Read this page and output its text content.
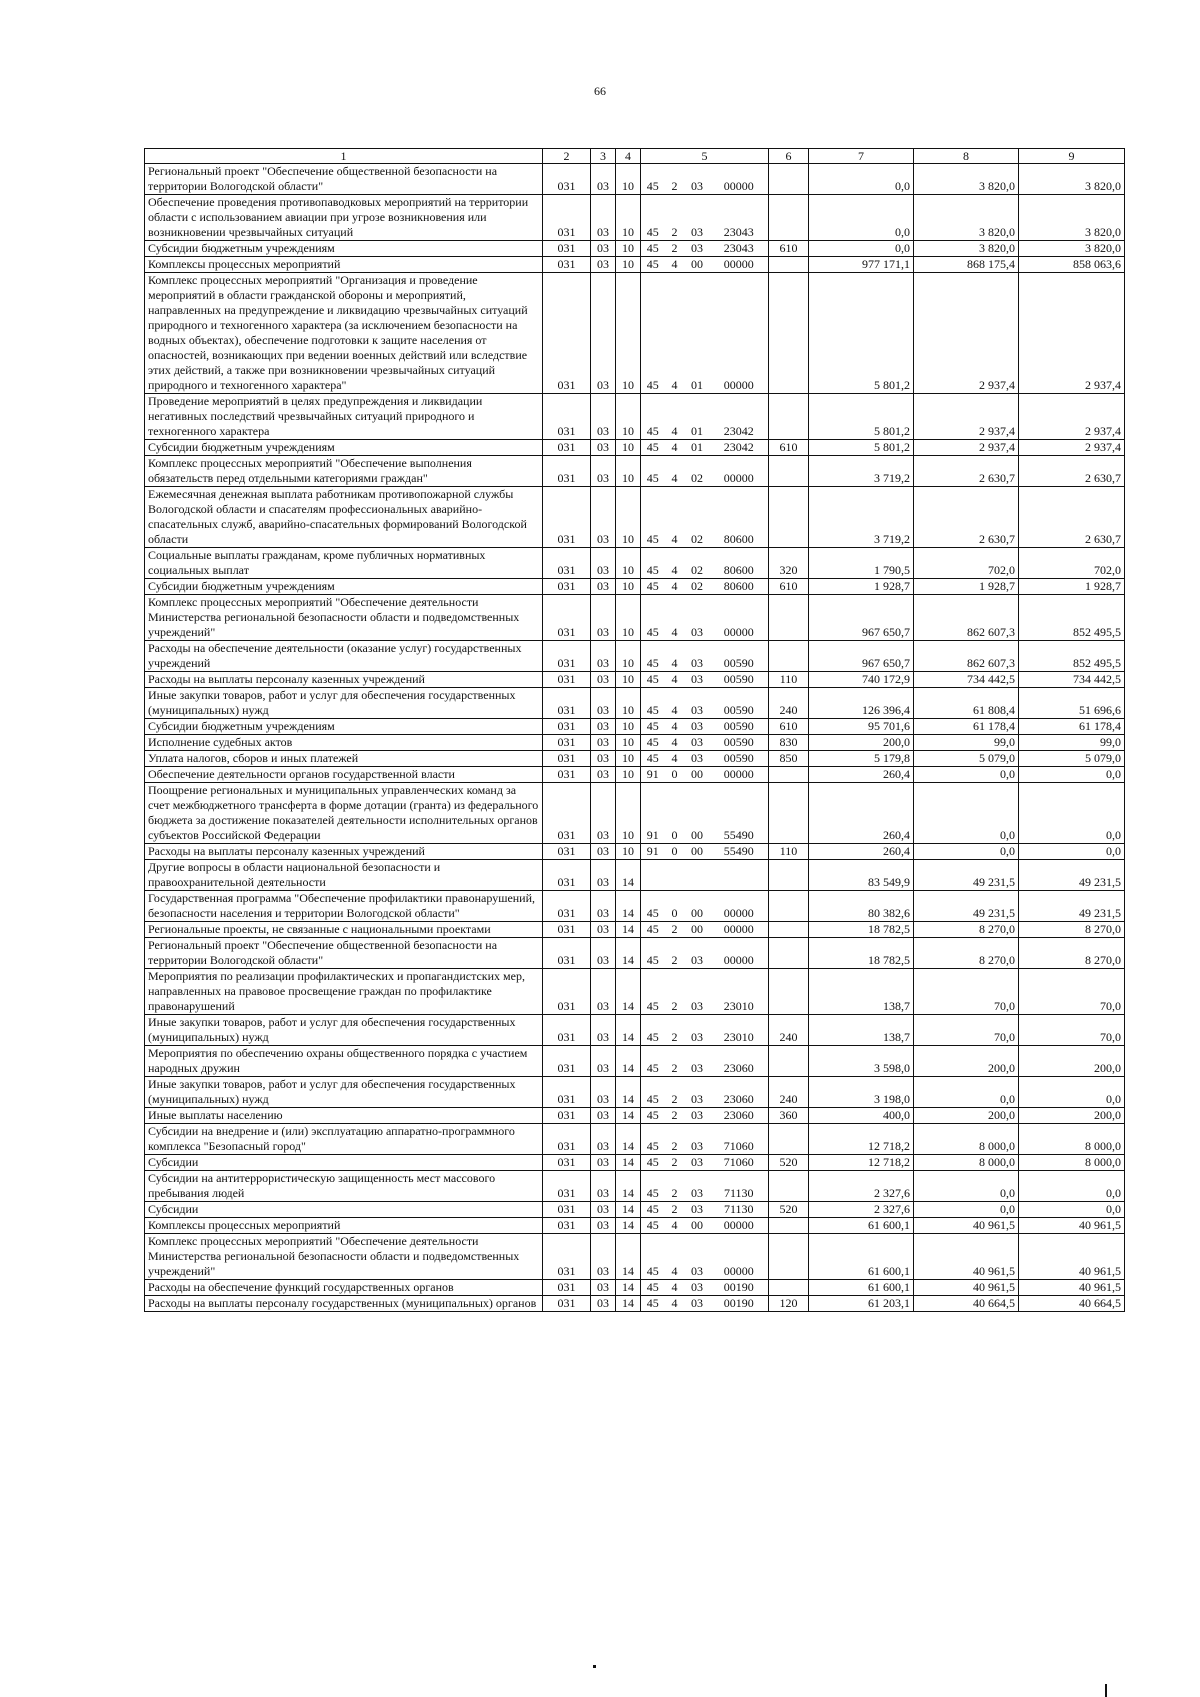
66
1	2	3	4	5				6	7	8	9
Региональный проект "Обеспечение общественной безопасности на территории Вологодской области"	031	03	10	45	2	03	00000		0,0	3 820,0	3 820,0
Обеспечение проведения противопаводковых мероприятий на территории области с использованием авиации при угрозе возникновения или возникновении чрезвычайных ситуаций	031	03	10	45	2	03	23043		0,0	3 820,0	3 820,0
Субсидии бюджетным учреждениям	031	03	10	45	2	03	23043	610	0,0	3 820,0	3 820,0
Комплексы процессных мероприятий	031	03	10	45	4	00	00000		977 171,1	868 175,4	858 063,6
Комплекс процессных мероприятий "Организация и проведение мероприятий в области гражданской обороны и мероприятий, направленных на предупреждение и ликвидацию чрезвычайных ситуаций природного и техногенного характера (за исключением безопасности на водных объектах), обеспечение подготовки к защите населения от опасностей, возникающих при ведении военных действий или вследствие этих действий, а также при возникновении чрезвычайных ситуаций природного и техногенного характера"	031	03	10	45	4	01	00000		5 801,2	2 937,4	2 937,4
Проведение мероприятий в целях предупреждения и ликвидации негативных последствий чрезвычайных ситуаций природного и техногенного характера	031	03	10	45	4	01	23042		5 801,2	2 937,4	2 937,4
Субсидии бюджетным учреждениям	031	03	10	45	4	01	23042	610	5 801,2	2 937,4	2 937,4
Комплекс процессных мероприятий "Обеспечение выполнения обязательств перед отдельными категориями граждан"	031	03	10	45	4	02	00000		3 719,2	2 630,7	2 630,7
Ежемесячная денежная выплата работникам противопожарной службы Вологодской области и спасателям профессиональных аварийно-спасательных служб, аварийно-спасательных формирований Вологодской области	031	03	10	45	4	02	80600		3 719,2	2 630,7	2 630,7
Социальные выплаты гражданам, кроме публичных нормативных социальных выплат	031	03	10	45	4	02	80600	320	1 790,5	702,0	702,0
Субсидии бюджетным учреждениям	031	03	10	45	4	02	80600	610	1 928,7	1 928,7	1 928,7
Комплекс процессных мероприятий "Обеспечение деятельности Министерства региональной безопасности области и подведомственных учреждений"	031	03	10	45	4	03	00000		967 650,7	862 607,3	852 495,5
Расходы на обеспечение деятельности (оказание услуг) государственных учреждений	031	03	10	45	4	03	00590		967 650,7	862 607,3	852 495,5
Расходы на выплаты персоналу казенных учреждений	031	03	10	45	4	03	00590	110	740 172,9	734 442,5	734 442,5
Иные закупки товаров, работ и услуг для обеспечения государственных (муниципальных) нужд	031	03	10	45	4	03	00590	240	126 396,4	61 808,4	51 696,6
Субсидии бюджетным учреждениям	031	03	10	45	4	03	00590	610	95 701,6	61 178,4	61 178,4
Исполнение судебных актов	031	03	10	45	4	03	00590	830	200,0	99,0	99,0
Уплата налогов, сборов и иных платежей	031	03	10	45	4	03	00590	850	5 179,8	5 079,0	5 079,0
Обеспечение деятельности органов государственной власти	031	03	10	91	0	00	00000		260,4	0,0	0,0
Поощрение региональных и муниципальных управленческих команд за счет межбюджетного трансферта в форме дотации (гранта) из федерального бюджета за достижение показателей деятельности исполнительных органов субъектов Российской Федерации	031	03	10	91	0	00	55490		260,4	0,0	0,0
Расходы на выплаты персоналу казенных учреждений	031	03	10	91	0	00	55490	110	260,4	0,0	0,0
Другие вопросы в области национальной безопасности и правоохранительной деятельности	031	03	14						83 549,9	49 231,5	49 231,5
Государственная программа "Обеспечение профилактики правонарушений, безопасности населения и территории Вологодской области"	031	03	14	45	0	00	00000		80 382,6	49 231,5	49 231,5
Региональные проекты, не связанные с национальными проектами	031	03	14	45	2	00	00000		18 782,5	8 270,0	8 270,0
Региональный проект "Обеспечение общественной безопасности на территории Вологодской области"	031	03	14	45	2	03	00000		18 782,5	8 270,0	8 270,0
Мероприятия по реализации профилактических и пропагандистских мер, направленных на правовое просвещение граждан по профилактике правонарушений	031	03	14	45	2	03	23010		138,7	70,0	70,0
Иные закупки товаров, работ и услуг для обеспечения государственных (муниципальных) нужд	031	03	14	45	2	03	23010	240	138,7	70,0	70,0
Мероприятия по обеспечению охраны общественного порядка с участием народных дружин	031	03	14	45	2	03	23060		3 598,0	200,0	200,0
Иные закупки товаров, работ и услуг для обеспечения государственных (муниципальных) нужд	031	03	14	45	2	03	23060	240	3 198,0	0,0	0,0
Иные выплаты населению	031	03	14	45	2	03	23060	360	400,0	200,0	200,0
Субсидии на внедрение и (или) эксплуатацию аппаратно-программного комплекса "Безопасный город"	031	03	14	45	2	03	71060		12 718,2	8 000,0	8 000,0
Субсидии	031	03	14	45	2	03	71060	520	12 718,2	8 000,0	8 000,0
Субсидии на антитеррористическую защищенность мест массового пребывания людей	031	03	14	45	2	03	71130		2 327,6	0,0	0,0
Субсидии	031	03	14	45	2	03	71130	520	2 327,6	0,0	0,0
Комплексы процессных мероприятий	031	03	14	45	4	00	00000		61 600,1	40 961,5	40 961,5
Комплекс процессных мероприятий "Обеспечение деятельности Министерства региональной безопасности области и подведомственных учреждений"	031	03	14	45	4	03	00000		61 600,1	40 961,5	40 961,5
Расходы на обеспечение функций государственных органов	031	03	14	45	4	03	00190		61 600,1	40 961,5	40 961,5
Расходы на выплаты персоналу государственных (муниципальных) органов	031	03	14	45	4	03	00190	120	61 203,1	40 664,5	40 664,5
